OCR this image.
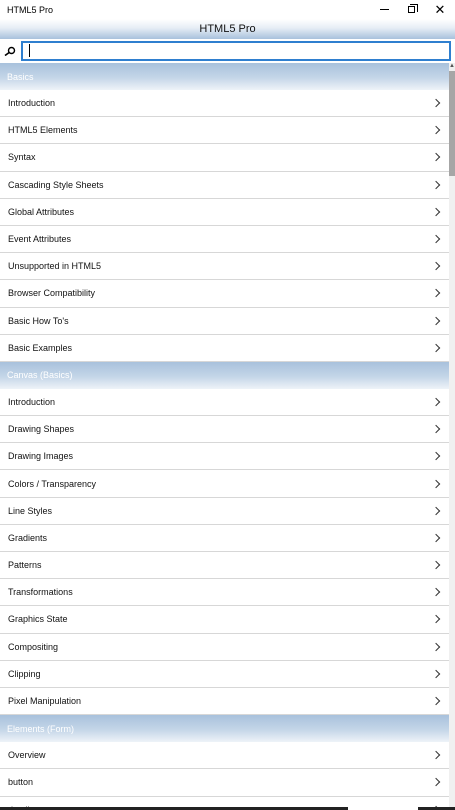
HTML5 Pro	✕
HTML5 Pro
Basics
Introduction
HTML5 Elements
Syntax
Cascading Style Sheets
Global Attributes
Event Attributes
Unsupported in HTML5
Browser Compatibility
Basic How To's
Basic Examples
Canvas (Basics)
Introduction
Drawing Shapes
Drawing Images
Colors / Transparency
Line Styles
Gradients
Patterns
Transformations
Graphics State
Compositing
Clipping
Pixel Manipulation
Elements (Form)
Overview
button
▲
